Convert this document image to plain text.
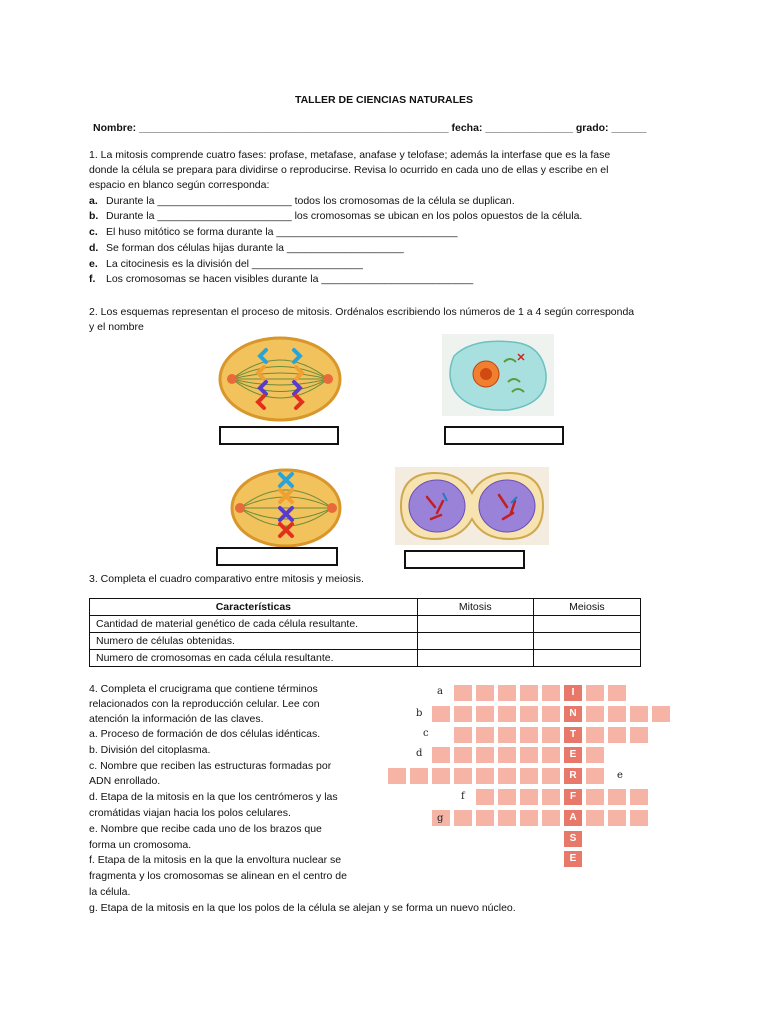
TALLER DE CIENCIAS NATURALES
Nombre: _____________________________________________________ fecha: _______________ grado: ______
1. La mitosis comprende cuatro fases: profase, metafase, anafase y telofase; además la interfase que es la fase
donde la célula se prepara para dividirse o reproducirse. Revisa lo ocurrido en cada uno de ellas y escribe en el
espacio en blanco según corresponda:
a. Durante la _______________________ todos los cromosomas de la célula se duplican.
b. Durante la _______________________ los cromosomas se ubican en los polos opuestos de la célula.
c. El huso mitótico se forma durante la _______________________________
d. Se forman dos células hijas durante la ____________________
e. La citocinesis es la división del ___________________
f. Los cromosomas se hacen visibles durante la __________________________
2. Los esquemas representan el proceso de mitosis. Ordénalos escribiendo los números de 1 a 4 según corresponda
y el nombre
3. Completa el cuadro comparativo entre mitosis y meiosis.
Características	Mitosis	Meiosis
Cantidad de material genético de cada célula resultante.		
Numero de células obtenidas.		
Numero de cromosomas en cada célula resultante.		
4. Completa el crucigrama que contiene términos
relacionados con la reproducción celular. Lee con
atención la información de las claves.
a. Proceso de formación de dos células idénticas.
b. División del citoplasma.
c. Nombre que reciben las estructuras formadas por
ADN enrollado.
d. Etapa de la mitosis en la que los centrómeros y las
cromátidas viajan hacia los polos celulares.
e. Nombre que recibe cada uno de los brazos que
forma un cromosoma.
f. Etapa de la mitosis en la que la envoltura nuclear se
fragmenta y los cromosomas se alinean en el centro de
la célula.
g. Etapa de la mitosis en la que los polos de la célula se alejan y se forma un nuevo núcleo.
I
N
T
E
R
F
A
S
E
a
b
c
d
e
f
g
